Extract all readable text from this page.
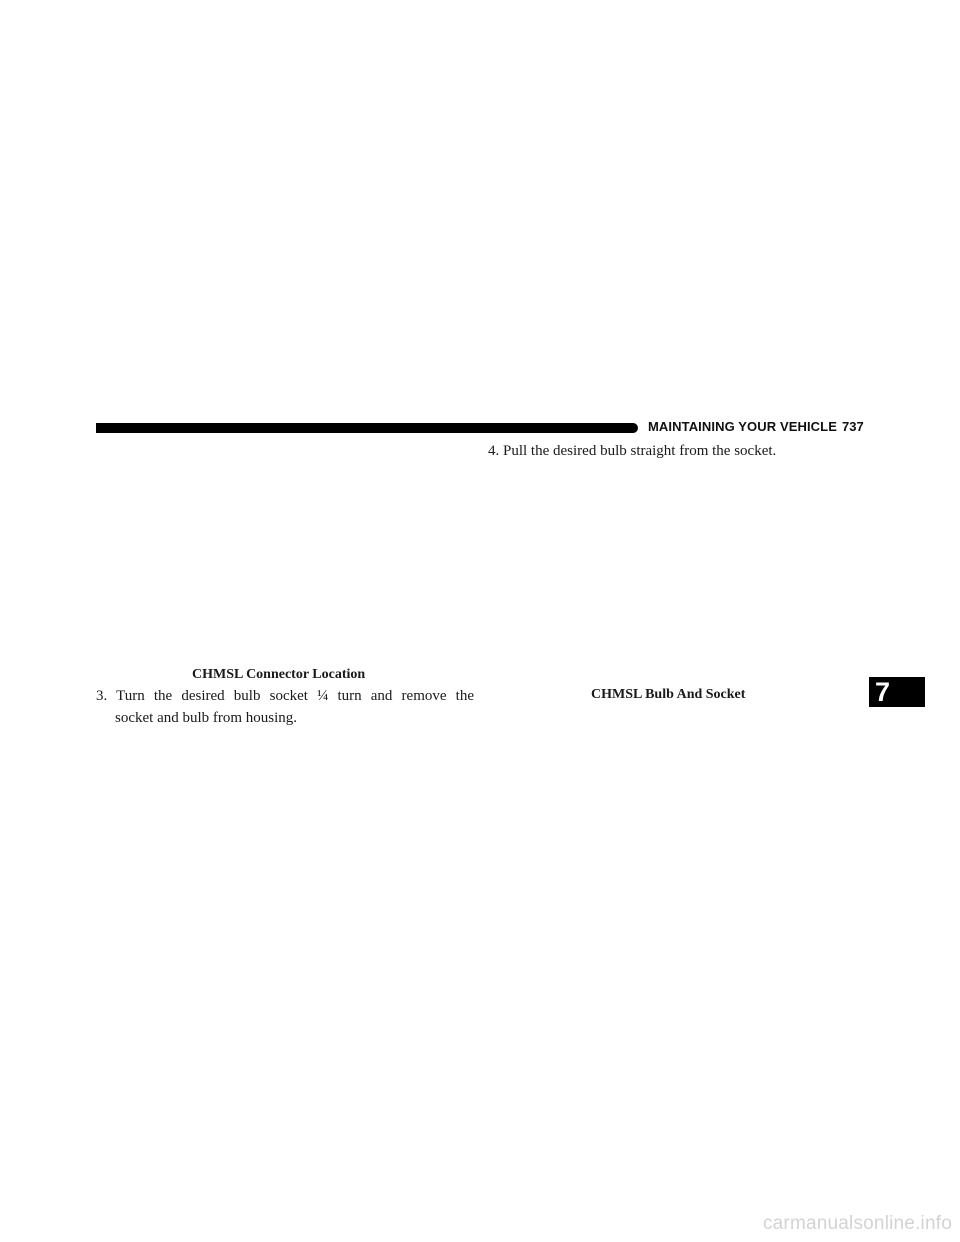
MAINTAINING YOUR VEHICLE 737
4. Pull the desired bulb straight from the socket.
CHMSL Connector Location
3. Turn the desired bulb socket ¼ turn and remove the
socket and bulb from housing.
CHMSL Bulb And Socket	7
carmanualsonline.info
